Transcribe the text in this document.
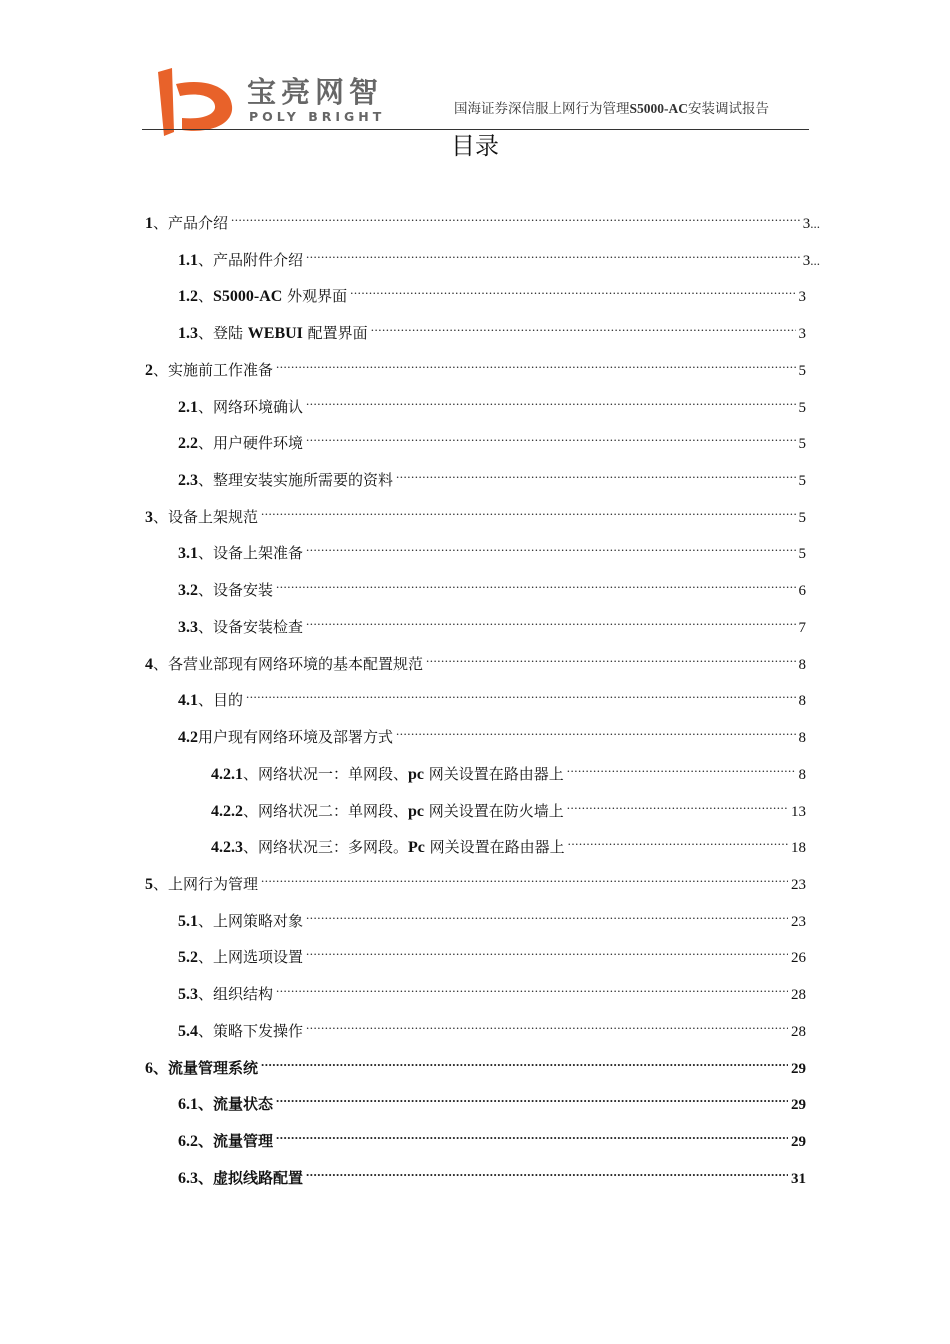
宝亮网智
POLY BRIGHT	国海证券深信服上网行为管理S5000-AC安装调试报告
目录
1 、产品介绍 .....	3 ...
1.1 、产品附件介绍 .....	3 ...
1.2 、S5000-AC 外观界面 .....	3
1.3 、登陆 WEBUI 配置界面 .....	3
2 、实施前工作准备 .....	5
2.1 、网络环境确认 .....	5
2.2 、用户硬件环境 .....	5
2.3 、整理安装实施所需要的资料 .....	5
3 、设备上架规范 .....	5
3.1 、设备上架准备 .....	5
3.2 、设备安装 .....	6
3.3 、设备安装检查 .....	7
4 、各营业部现有网络环境的基本配置规范 .....	8
4.1 、目的 .....	8
4.2 用户现有网络环境及部署方式 .....	8
4.2.1 、网络状况一：单网段、pc 网关设置在路由器上 .....	8
4.2.2 、网络状况二：单网段、pc 网关设置在防火墙上 .....	13
4.2.3 、网络状况三：多网段。Pc 网关设置在路由器上 .....	18
5 、上网行为管理 .....	23
5.1 、上网策略对象 .....	23
5.2 、上网选项设置 .....	26
5.3 、组织结构 .....	28
5.4 、策略下发操作 .....	28
6 、流量管理系统 .....	29
6.1 、流量状态 .....	29
6.2 、流量管理 .....	29
6.3 、虚拟线路配置 .....	31
